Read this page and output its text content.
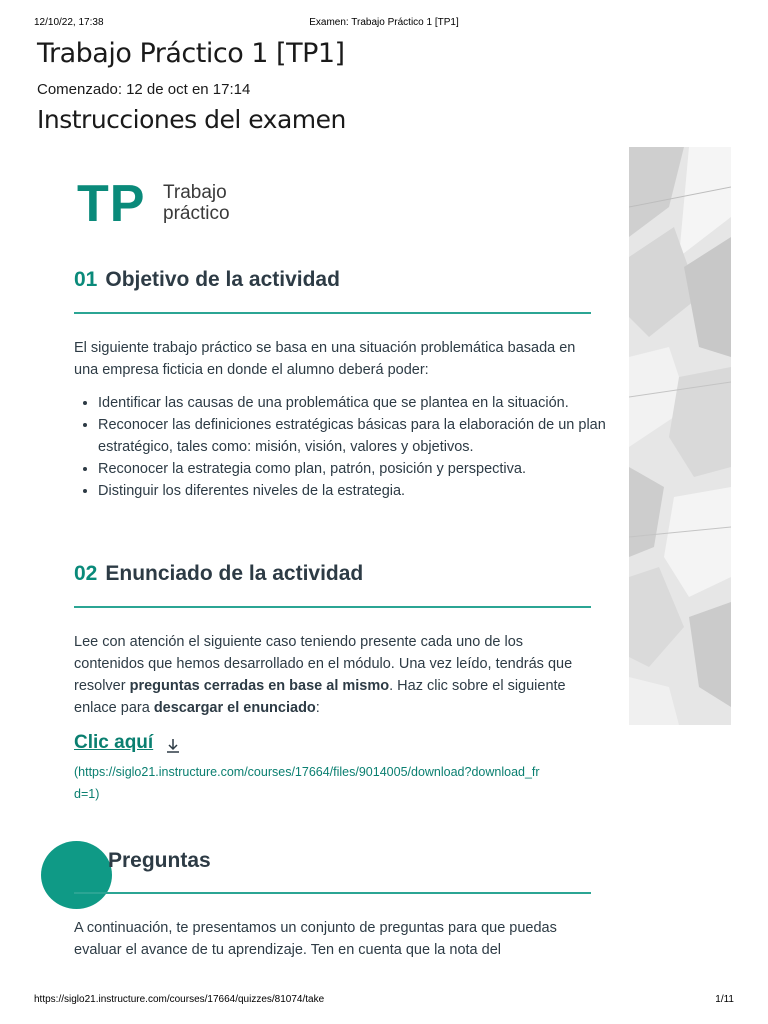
12/10/22, 17:38	Examen: Trabajo Práctico 1 [TP1]
Trabajo Práctico 1 [TP1]
Comenzado: 12 de oct en 17:14
Instrucciones del examen
TP Trabajo
práctico
01 Objetivo de la actividad
El siguiente trabajo práctico se basa en una situación problemática basada en una empresa ficticia en donde el alumno deberá poder:
• Identificar las causas de una problemática que se plantea en la situación.
• Reconocer las definiciones estratégicas básicas para la elaboración de un plan estratégico, tales como: misión, visión, valores y objetivos.
• Reconocer la estrategia como plan, patrón, posición y perspectiva.
• Distinguir los diferentes niveles de la estrategia.
02 Enunciado de la actividad
Lee con atención el siguiente caso teniendo presente cada uno de los contenidos que hemos desarrollado en el módulo. Una vez leído, tendrás que resolver preguntas cerradas en base al mismo. Haz clic sobre el siguiente enlace para descargar el enunciado:
Clic aquí
(https://siglo21.instructure.com/courses/17664/files/9014005/download?download_frd=1)
Preguntas
A continuación, te presentamos un conjunto de preguntas para que puedas evaluar el avance de tu aprendizaje. Ten en cuenta que la nota del
https://siglo21.instructure.com/courses/17664/quizzes/81074/take	1/11
